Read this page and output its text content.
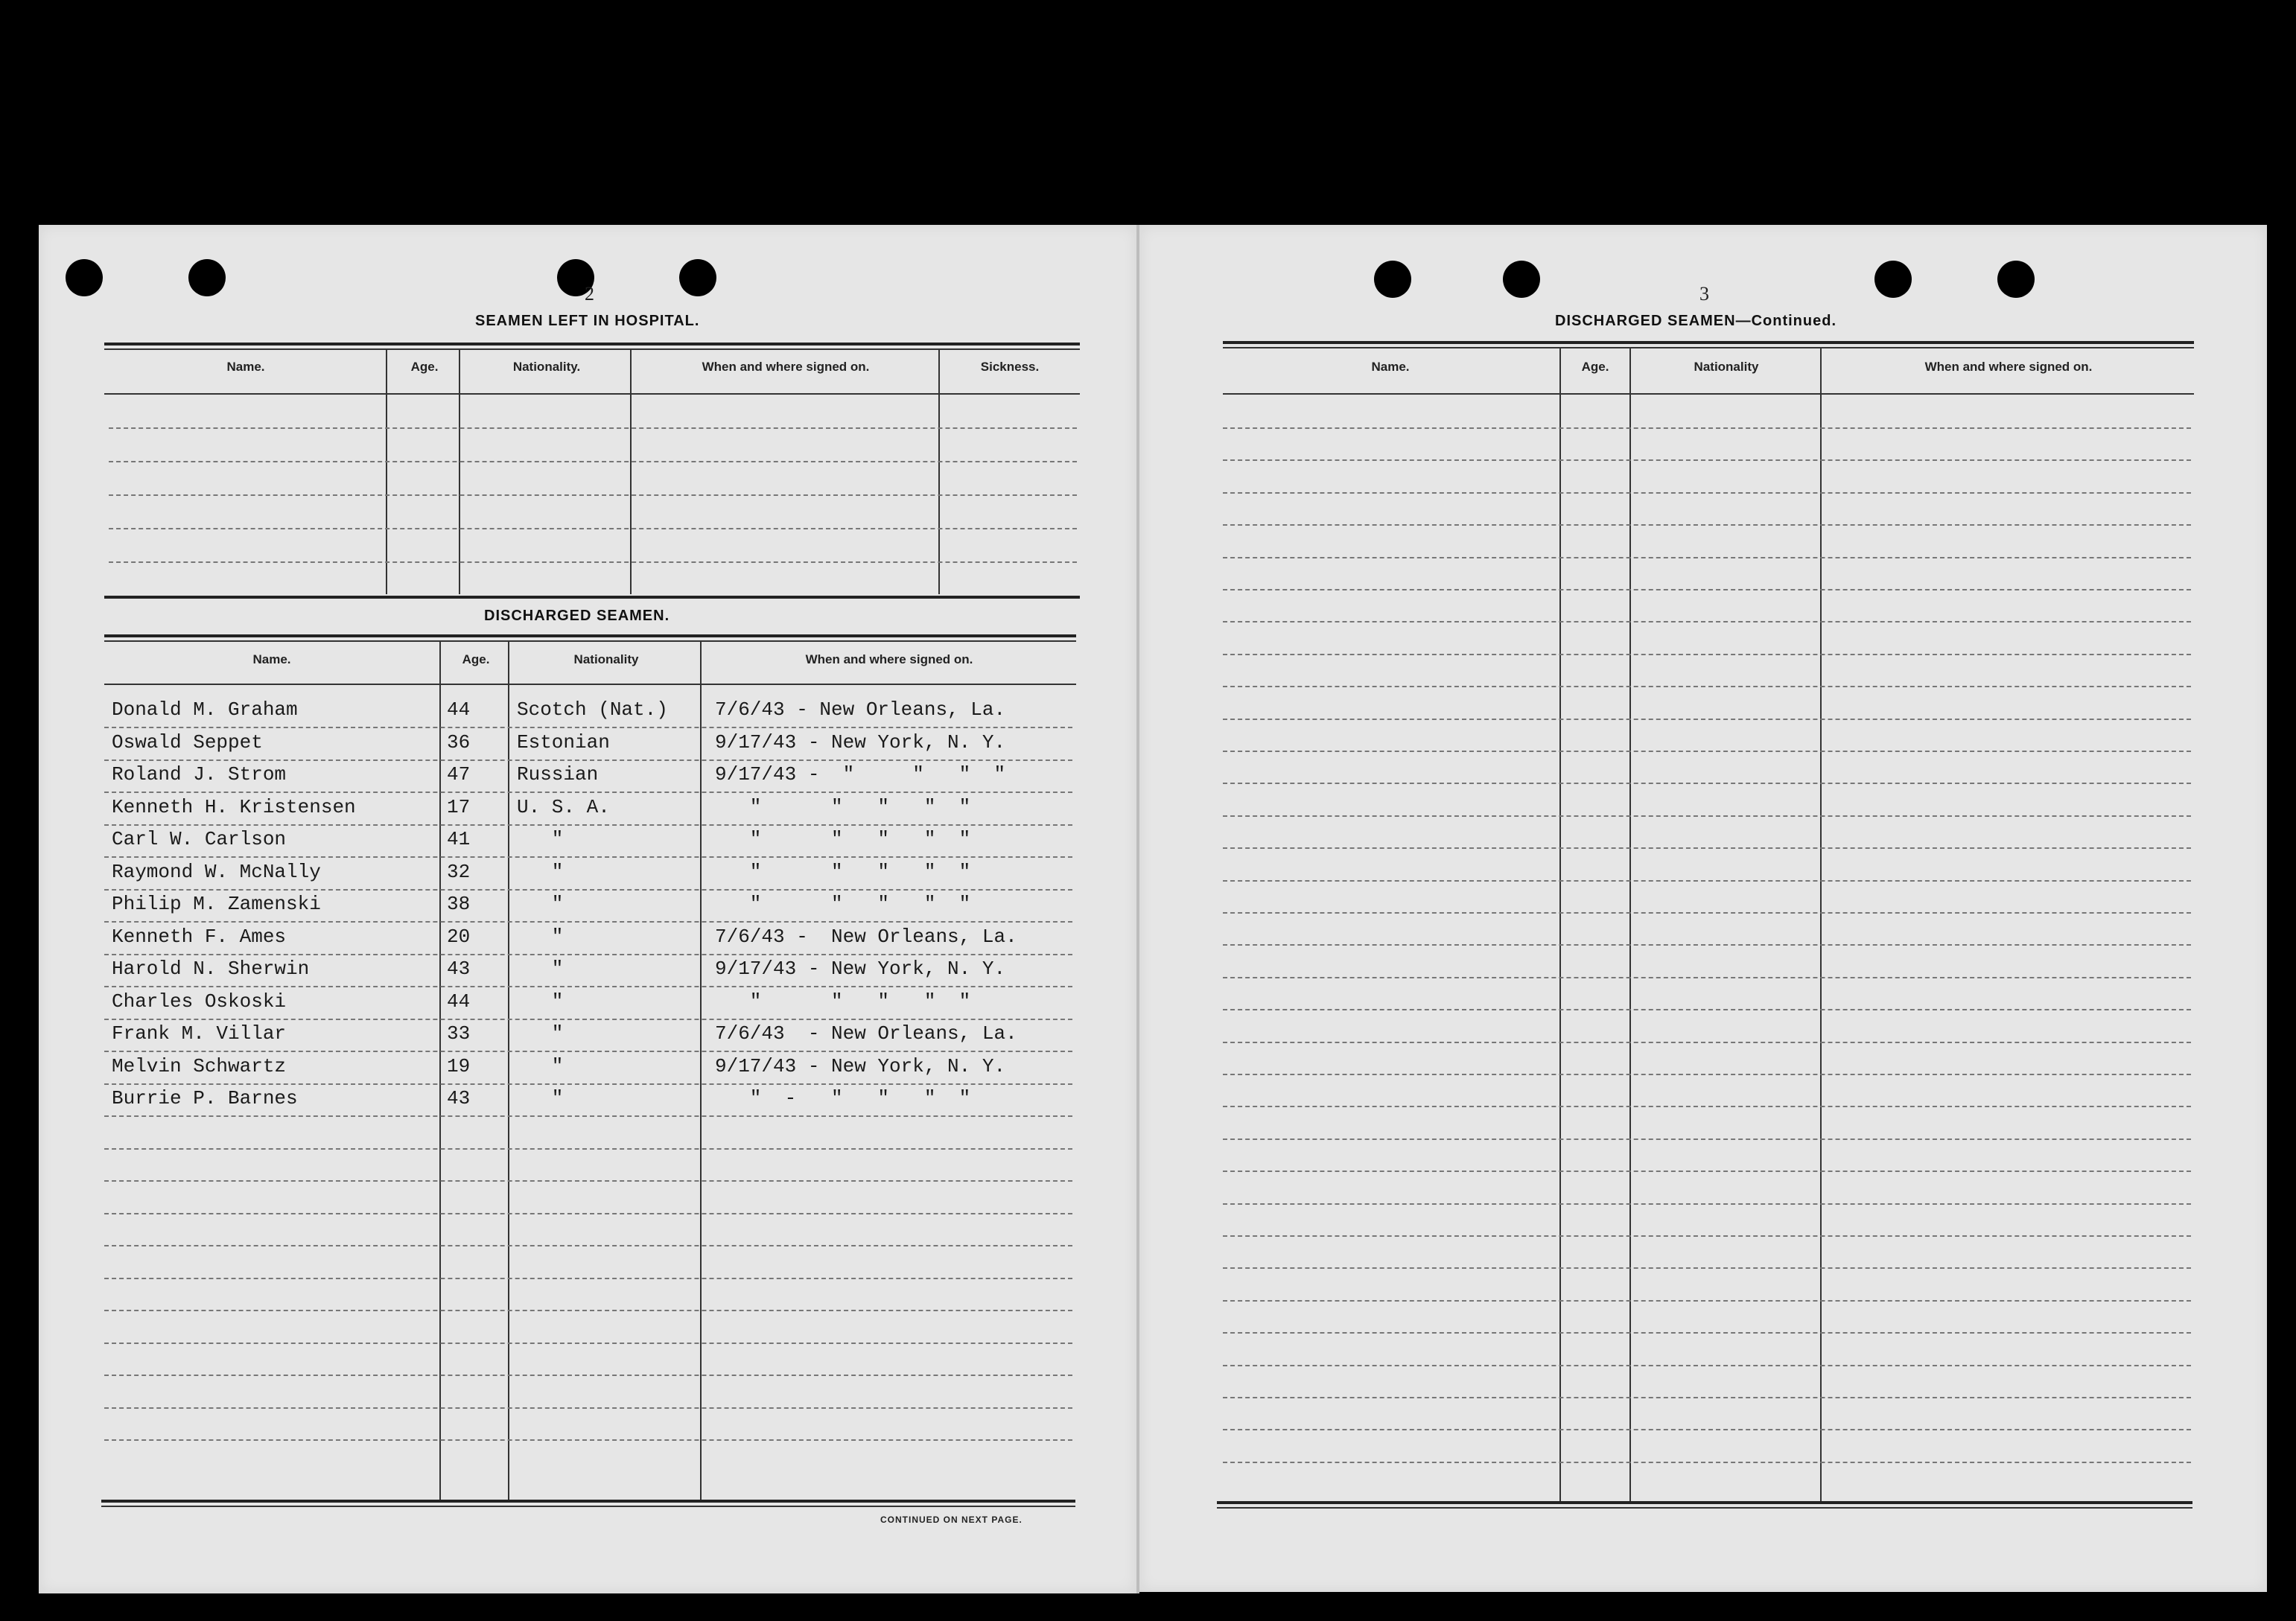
2
SEAMEN LEFT IN HOSPITAL.
Name.	Age.	Nationality.	When and where signed on.	Sickness.
DISCHARGED SEAMEN.
Name.	Age.	Nationality	When and where signed on.
Donald M. Graham	44 Scotch (Nat.) 7/6/43 - New Orleans, La.
Oswald Seppet	36 Estonian	9/17/43 - New York, N. Y.
Roland J. Strom	47 Russian	9/17/43 -  "     "   "  "
Kenneth H. Kristensen	17 U. S. A.	"      "   "   "  "
Carl W. Carlson	41 "	"      "   "   "  "
Raymond W. McNally	32 "	"      "   "   "  "
Philip M. Zamenski	38 "	"      "   "   "  "
Kenneth F. Ames	20 "	7/6/43 -  New Orleans, La.
Harold N. Sherwin	43 "	9/17/43 - New York, N. Y.
Charles Oskoski	44 "	"      "   "   "  "
Frank M. Villar	33 "	7/6/43  - New Orleans, La.
Melvin Schwartz	19 "	9/17/43 - New York, N. Y.
Burrie P. Barnes	43 "	"  -   "   "   "  "
CONTINUED ON NEXT PAGE.
3
DISCHARGED SEAMEN—Continued.
Name.	Age.	Nationality	When and where signed on.
